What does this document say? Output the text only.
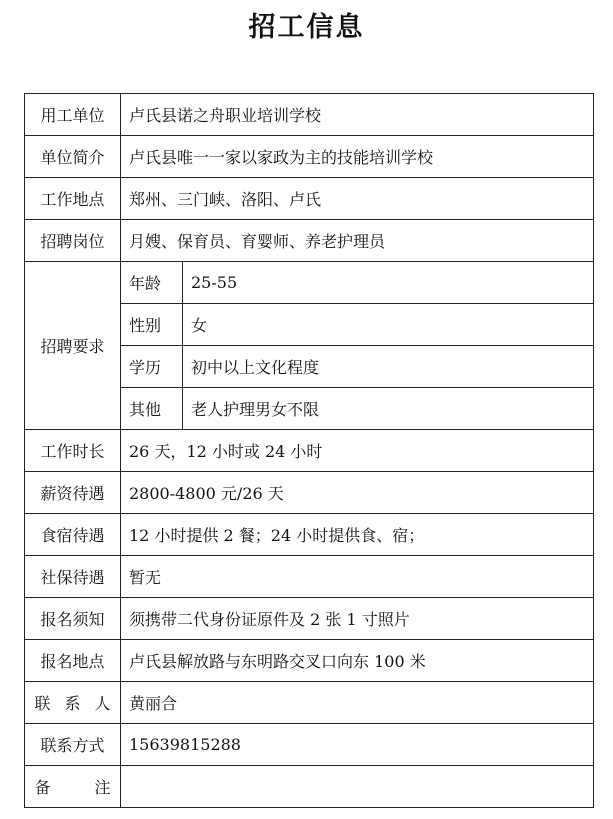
招工信息
用工单位	卢氏县诺之舟职业培训学校	
单位简介	卢氏县唯一一家以家政为主的技能培训学校	
工作地点	郑州、三门峡、洛阳、卢氏	
招聘岗位	月嫂、保育员、育婴师、养老护理员	
招聘要求	年龄	25-55
	性别	女
	学历	初中以上文化程度
	其他	老人护理男女不限
工作时长	26 天，12 小时或 24 小时	
薪资待遇	2800-4800 元/26 天	
食宿待遇	12 小时提供 2 餐；24 小时提供食、宿；	
社保待遇	暂无	
报名须知	须携带二代身份证原件及 2 张 1 寸照片	
报名地点	卢氏县解放路与东明路交叉口向东 100 米	
联系人	黄丽合	
联系方式	15639815288	
备注		
